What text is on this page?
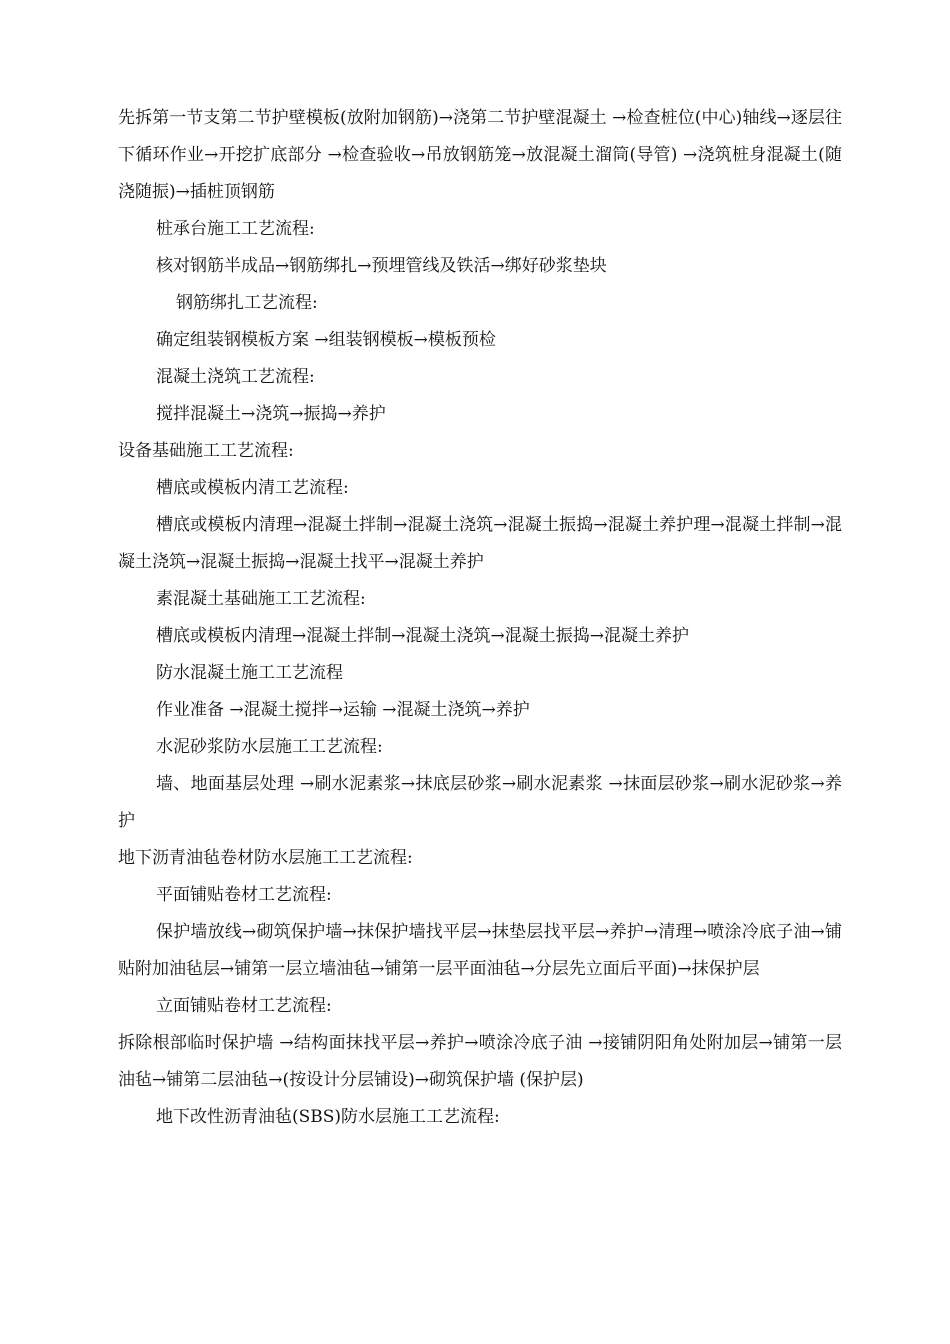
先拆第一节支第二节护壁模板(放附加钢筋)→浇第二节护壁混凝土 →检查桩位(中心)轴线→逐层往下循环作业→开挖扩底部分 →检查验收→吊放钢筋笼→放混凝土溜筒(导管) →浇筑桩身混凝土(随浇随振)→插桩顶钢筋

桩承台施工工艺流程:

核对钢筋半成品→钢筋绑扎→预埋管线及铁活→绑好砂浆垫块

钢筋绑扎工艺流程:

确定组装钢模板方案 →组装钢模板→模板预检

混凝土浇筑工艺流程:

搅拌混凝土→浇筑→振捣→养护

设备基础施工工艺流程:

槽底或模板内清工艺流程:

槽底或模板内清理→混凝土拌制→混凝土浇筑→混凝土振捣→混凝土养护理→混凝土拌制→混凝土浇筑→混凝土振捣→混凝土找平→混凝土养护

素混凝土基础施工工艺流程:

槽底或模板内清理→混凝土拌制→混凝土浇筑→混凝土振捣→混凝土养护

防水混凝土施工工艺流程

作业准备 →混凝土搅拌→运输 →混凝土浇筑→养护

水泥砂浆防水层施工工艺流程:

墙、地面基层处理 →刷水泥素浆→抹底层砂浆→刷水泥素浆 →抹面层砂浆→刷水泥砂浆→养护

地下沥青油毡卷材防水层施工工艺流程:

平面铺贴卷材工艺流程:

保护墙放线→砌筑保护墙→抹保护墙找平层→抹垫层找平层→养护→清理→喷涂冷底子油→铺贴附加油毡层→铺第一层立墙油毡→铺第一层平面油毡→分层先立面后平面)→抹保护层

立面铺贴卷材工艺流程:

拆除根部临时保护墙 →结构面抹找平层→养护→喷涂冷底子油 →接铺阴阳角处附加层→铺第一层油毡→铺第二层油毡→(按设计分层铺设)→砌筑保护墙 (保护层)

地下改性沥青油毡(SBS)防水层施工工艺流程:
